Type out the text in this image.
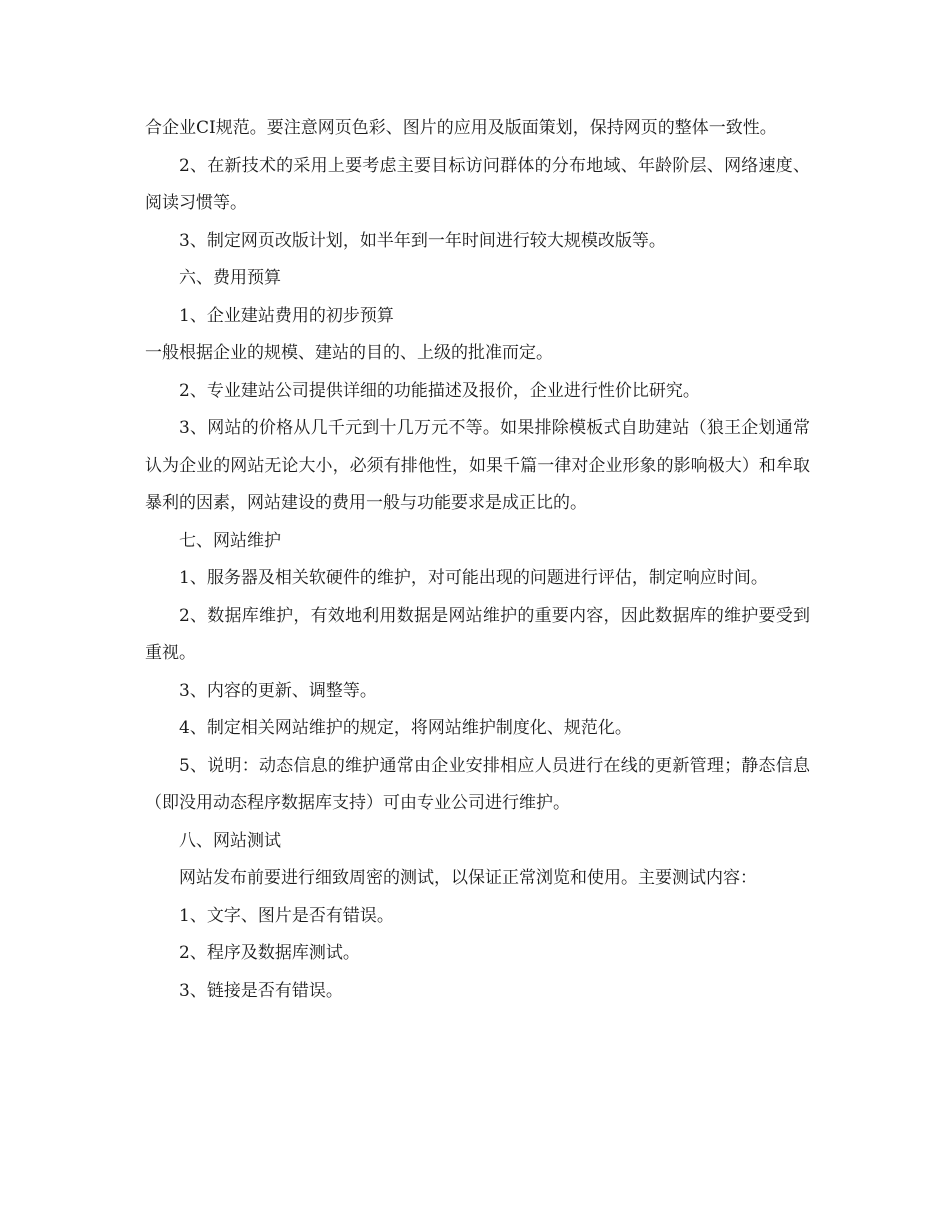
合企业CI规范。要注意网页色彩、图片的应用及版面策划，保持网页的整体一致性。

2、在新技术的采用上要考虑主要目标访问群体的分布地域、年龄阶层、网络速度、阅读习惯等。

3、制定网页改版计划，如半年到一年时间进行较大规模改版等。

六、费用预算

1、企业建站费用的初步预算

一般根据企业的规模、建站的目的、上级的批准而定。

2、专业建站公司提供详细的功能描述及报价，企业进行性价比研究。

3、网站的价格从几千元到十几万元不等。如果排除模板式自助建站（狼王企划通常认为企业的网站无论大小，必须有排他性，如果千篇一律对企业形象的影响极大）和牟取暴利的因素，网站建设的费用一般与功能要求是成正比的。

七、网站维护

1、服务器及相关软硬件的维护，对可能出现的问题进行评估，制定响应时间。

2、数据库维护，有效地利用数据是网站维护的重要内容，因此数据库的维护要受到重视。

3、内容的更新、调整等。

4、制定相关网站维护的规定，将网站维护制度化、规范化。

5、说明：动态信息的维护通常由企业安排相应人员进行在线的更新管理；静态信息（即没用动态程序数据库支持）可由专业公司进行维护。

八、网站测试

网站发布前要进行细致周密的测试，以保证正常浏览和使用。主要测试内容：

1、文字、图片是否有错误。

2、程序及数据库测试。

3、链接是否有错误。
